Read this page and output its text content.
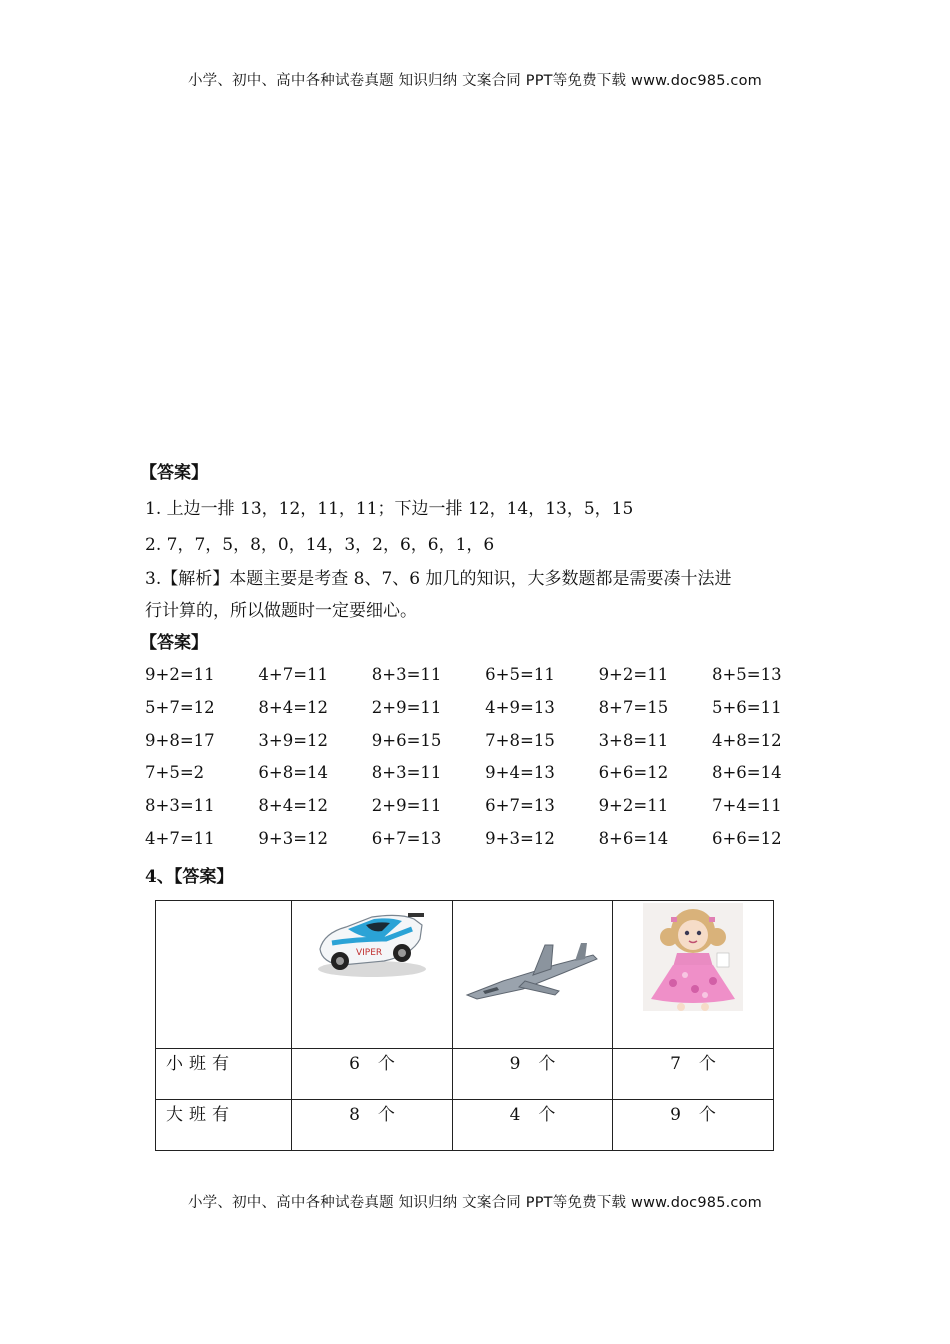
小学、初中、高中各种试卷真题 知识归纳 文案合同 PPT等免费下载 www.doc985.com
【答案】
1. 上边一排 13，12，11，11；下边一排 12，14，13，5，15
2. 7，7，5，8，0，14，3，2，6，6，1，6
3.【解析】本题主要是考查 8、7、6 加几的知识，大多数题都是需要凑十法进
行计算的，所以做题时一定要细心。
【答案】
9+2=11	4+7=11	8+3=11	6+5=11	9+2=11	8+5=13
5+7=12	8+4=12	2+9=11	4+9=13	8+7=15	5+6=11
9+8=17	3+9=12	9+6=15	7+8=15	3+8=11	4+8=12
7+5=2	6+8=14	8+3=11	9+4=13	6+6=12	8+6=14
8+3=11	8+4=12	2+9=11	6+7=13	9+2=11	7+4=11
4+7=11	9+3=12	6+7=13	9+3=12	8+6=14	6+6=12
4、【答案】

VIPER

小班有	6 个	9 个	7 个
大班有	8 个	4 个	9 个
小学、初中、高中各种试卷真题 知识归纳 文案合同 PPT等免费下载 www.doc985.com
